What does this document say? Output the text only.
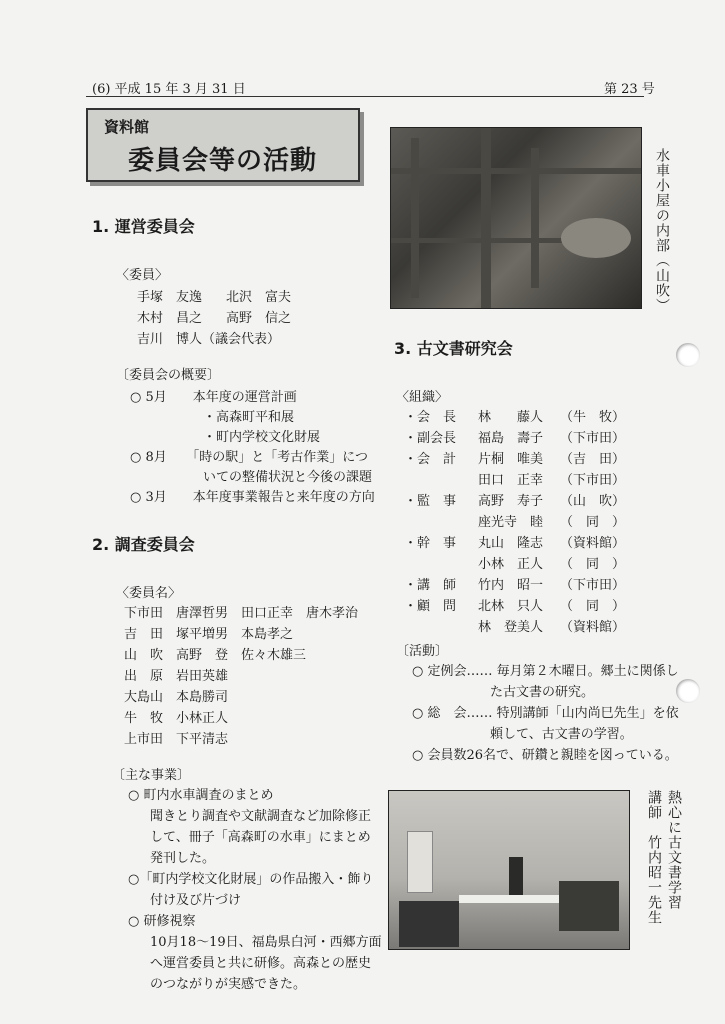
(6) 平成 15 年 3 月 31 日	第 23 号
資料館
委員会等の活動
1. 運営委員会
〈委員〉
手塚　友逸 北沢　富夫
木村　昌之 高野　信之
吉川　博人（議会代表）
〔委員会の概要〕
○ 5月　　本年度の運営計画
・高森町平和展
・町内学校文化財展
○ 8月　　「時の駅」と「考古作業」につ
いての整備状況と今後の課題
○ 3月　　本年度事業報告と来年度の方向
2. 調査委員会
〈委員名〉
下市田 唐澤哲男　田口正幸　唐木孝治
吉　田 塚平増男　本島孝之
山　吹 高野　登　佐々木雄三
出　原 岩田英雄
大島山 本島勝司
牛　牧 小林正人
上市田 下平清志
〔主な事業〕
○ 町内水車調査のまとめ
聞きとり調査や文献調査など加除修正
して、冊子「高森町の水車」にまとめ
発刊した。
○「町内学校文化財展」の作品搬入・飾り
付け及び片づけ
○ 研修視察
10月18～19日、福島県白河・西郷方面
へ運営委員と共に研修。高森との歴史
のつながりが実感できた。
水車小屋の内部（山吹）
3. 古文書研究会
〈組織〉
・会　長 林　　藤人 （牛　牧）
・副会長 福島　壽子 （下市田）
・会　計 片桐　唯美 （吉　田）
田口　正幸 （下市田）
・監　事 高野　寿子 （山　吹）
座光寺　睦 （　同　）
・幹　事 丸山　隆志 （資料館）
小林　正人 （　同　）
・講　師 竹内　昭一 （下市田）
・顧　問 北林　只人 （　同　）
林　登美人 （資料館）
〔活動〕
○ 定例会…… 毎月第２木曜日。郷土に関係し
た古文書の研究。
○ 総　会…… 特別講師「山内尚巳先生」を依
頼して、古文書の学習。
○ 会員数26名で、研鑽と親睦を図っている。
熱心に古文書学習
講師　竹内昭一先生
